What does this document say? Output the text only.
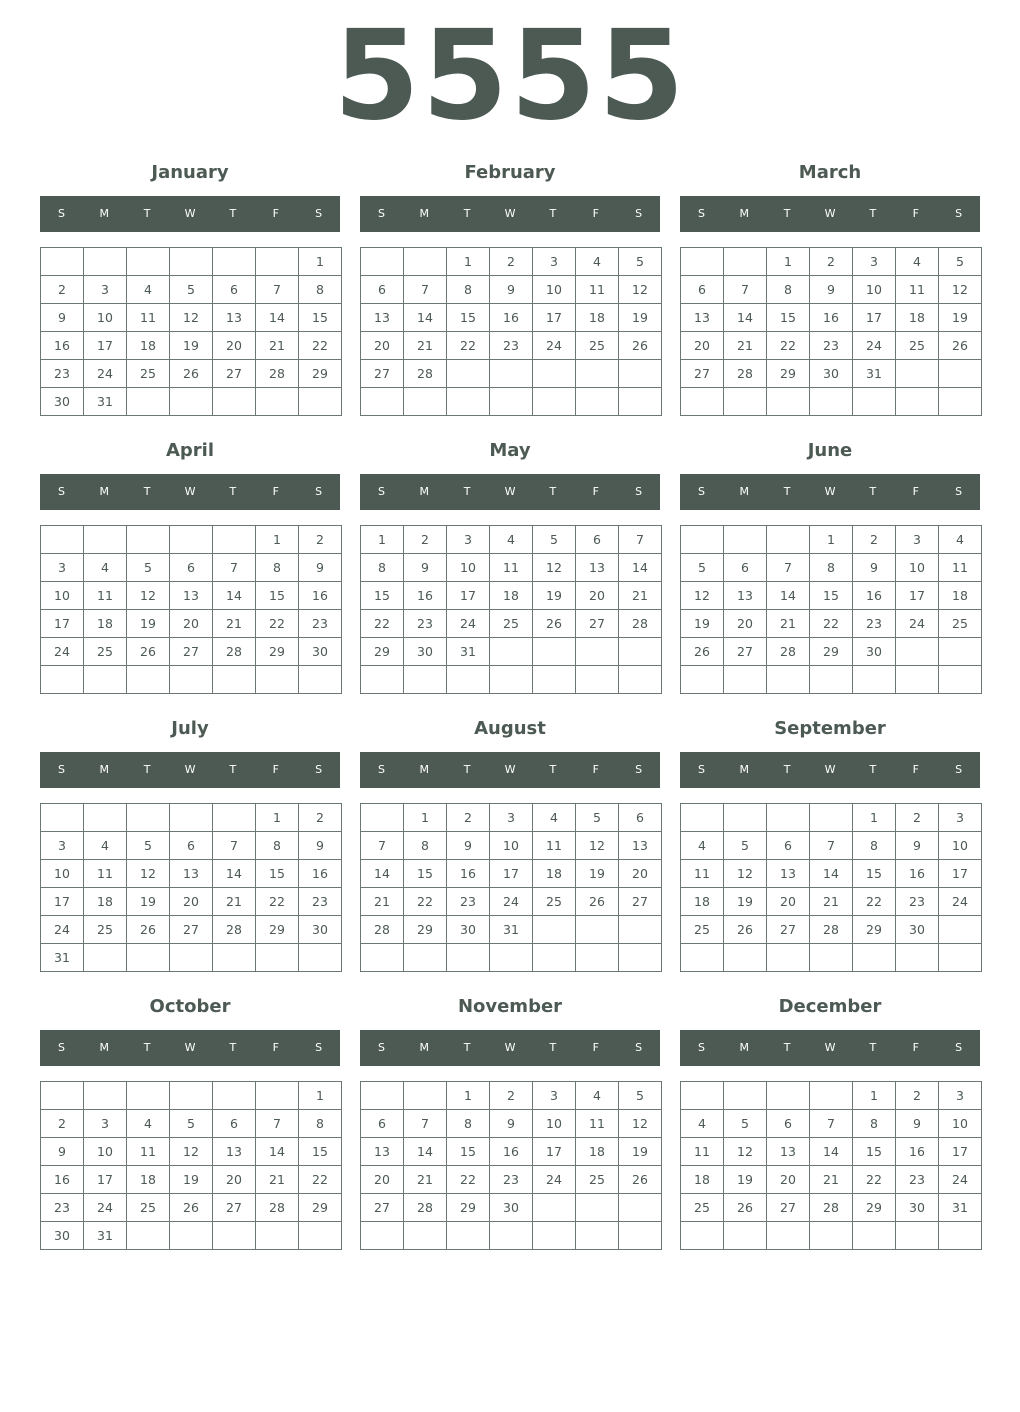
5555
January
S	M	T	W	T	F	S
						1
2	3	4	5	6	7	8
9	10	11	12	13	14	15
16	17	18	19	20	21	22
23	24	25	26	27	28	29
30	31					
February
S	M	T	W	T	F	S
		1	2	3	4	5
6	7	8	9	10	11	12
13	14	15	16	17	18	19
20	21	22	23	24	25	26
27	28					

March
S	M	T	W	T	F	S
		1	2	3	4	5
6	7	8	9	10	11	12
13	14	15	16	17	18	19
20	21	22	23	24	25	26
27	28	29	30	31		

April
S	M	T	W	T	F	S
					1	2
3	4	5	6	7	8	9
10	11	12	13	14	15	16
17	18	19	20	21	22	23
24	25	26	27	28	29	30

May
S	M	T	W	T	F	S
1	2	3	4	5	6	7
8	9	10	11	12	13	14
15	16	17	18	19	20	21
22	23	24	25	26	27	28
29	30	31				

June
S	M	T	W	T	F	S
			1	2	3	4
5	6	7	8	9	10	11
12	13	14	15	16	17	18
19	20	21	22	23	24	25
26	27	28	29	30		

July
S	M	T	W	T	F	S
					1	2
3	4	5	6	7	8	9
10	11	12	13	14	15	16
17	18	19	20	21	22	23
24	25	26	27	28	29	30
31						
August
S	M	T	W	T	F	S
	1	2	3	4	5	6
7	8	9	10	11	12	13
14	15	16	17	18	19	20
21	22	23	24	25	26	27
28	29	30	31			

September
S	M	T	W	T	F	S
				1	2	3
4	5	6	7	8	9	10
11	12	13	14	15	16	17
18	19	20	21	22	23	24
25	26	27	28	29	30	

October
S	M	T	W	T	F	S
						1
2	3	4	5	6	7	8
9	10	11	12	13	14	15
16	17	18	19	20	21	22
23	24	25	26	27	28	29
30	31					
November
S	M	T	W	T	F	S
		1	2	3	4	5
6	7	8	9	10	11	12
13	14	15	16	17	18	19
20	21	22	23	24	25	26
27	28	29	30			

December
S	M	T	W	T	F	S
				1	2	3
4	5	6	7	8	9	10
11	12	13	14	15	16	17
18	19	20	21	22	23	24
25	26	27	28	29	30	31
